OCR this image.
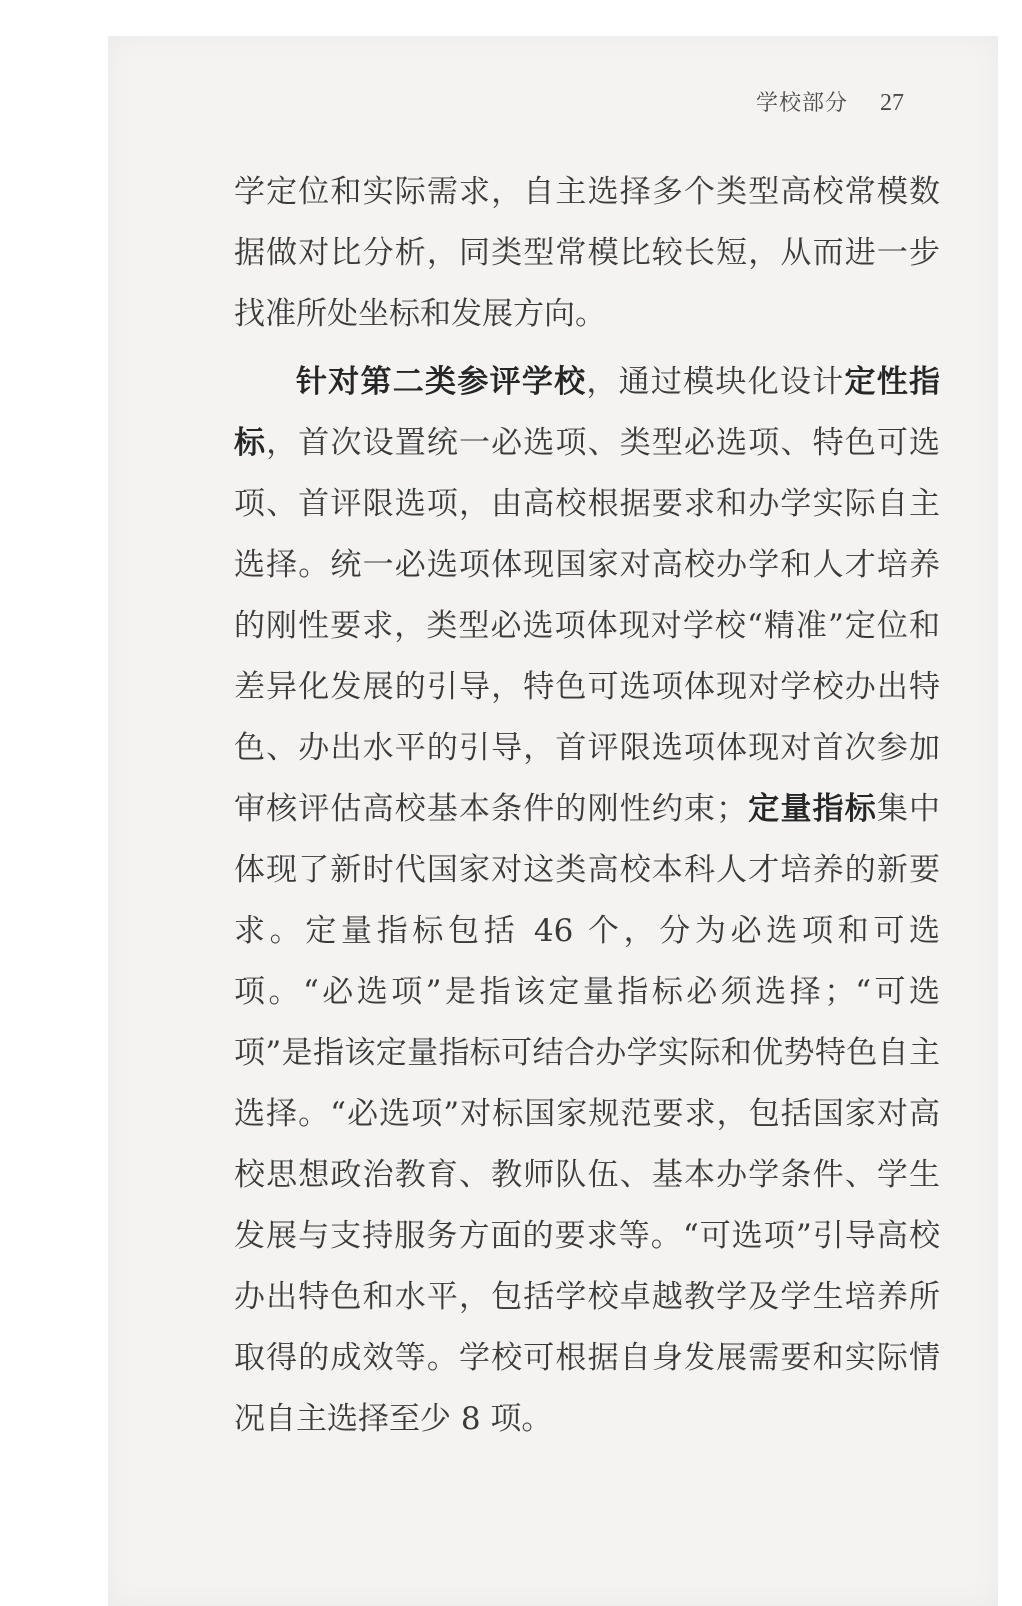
学校部分 27

学定位和实际需求，自主选择多个类型高校常模数据做对比分析，同类型常模比较长短，从而进一步找准所处坐标和发展方向。

针对第二类参评学校，通过模块化设计定性指标，首次设置统一必选项、类型必选项、特色可选项、首评限选项，由高校根据要求和办学实际自主选择。统一必选项体现国家对高校办学和人才培养的刚性要求，类型必选项体现对学校“精准”定位和差异化发展的引导，特色可选项体现对学校办出特色、办出水平的引导，首评限选项体现对首次参加审核评估高校基本条件的刚性约束；定量指标集中体现了新时代国家对这类高校本科人才培养的新要求。定量指标包括 46 个，分为必选项和可选项。“必选项”是指该定量指标必须选择；“可选项”是指该定量指标可结合办学实际和优势特色自主选择。“必选项”对标国家规范要求，包括国家对高校思想政治教育、教师队伍、基本办学条件、学生发展与支持服务方面的要求等。“可选项”引导高校办出特色和水平，包括学校卓越教学及学生培养所取得的成效等。学校可根据自身发展需要和实际情况自主选择至少 8 项。
